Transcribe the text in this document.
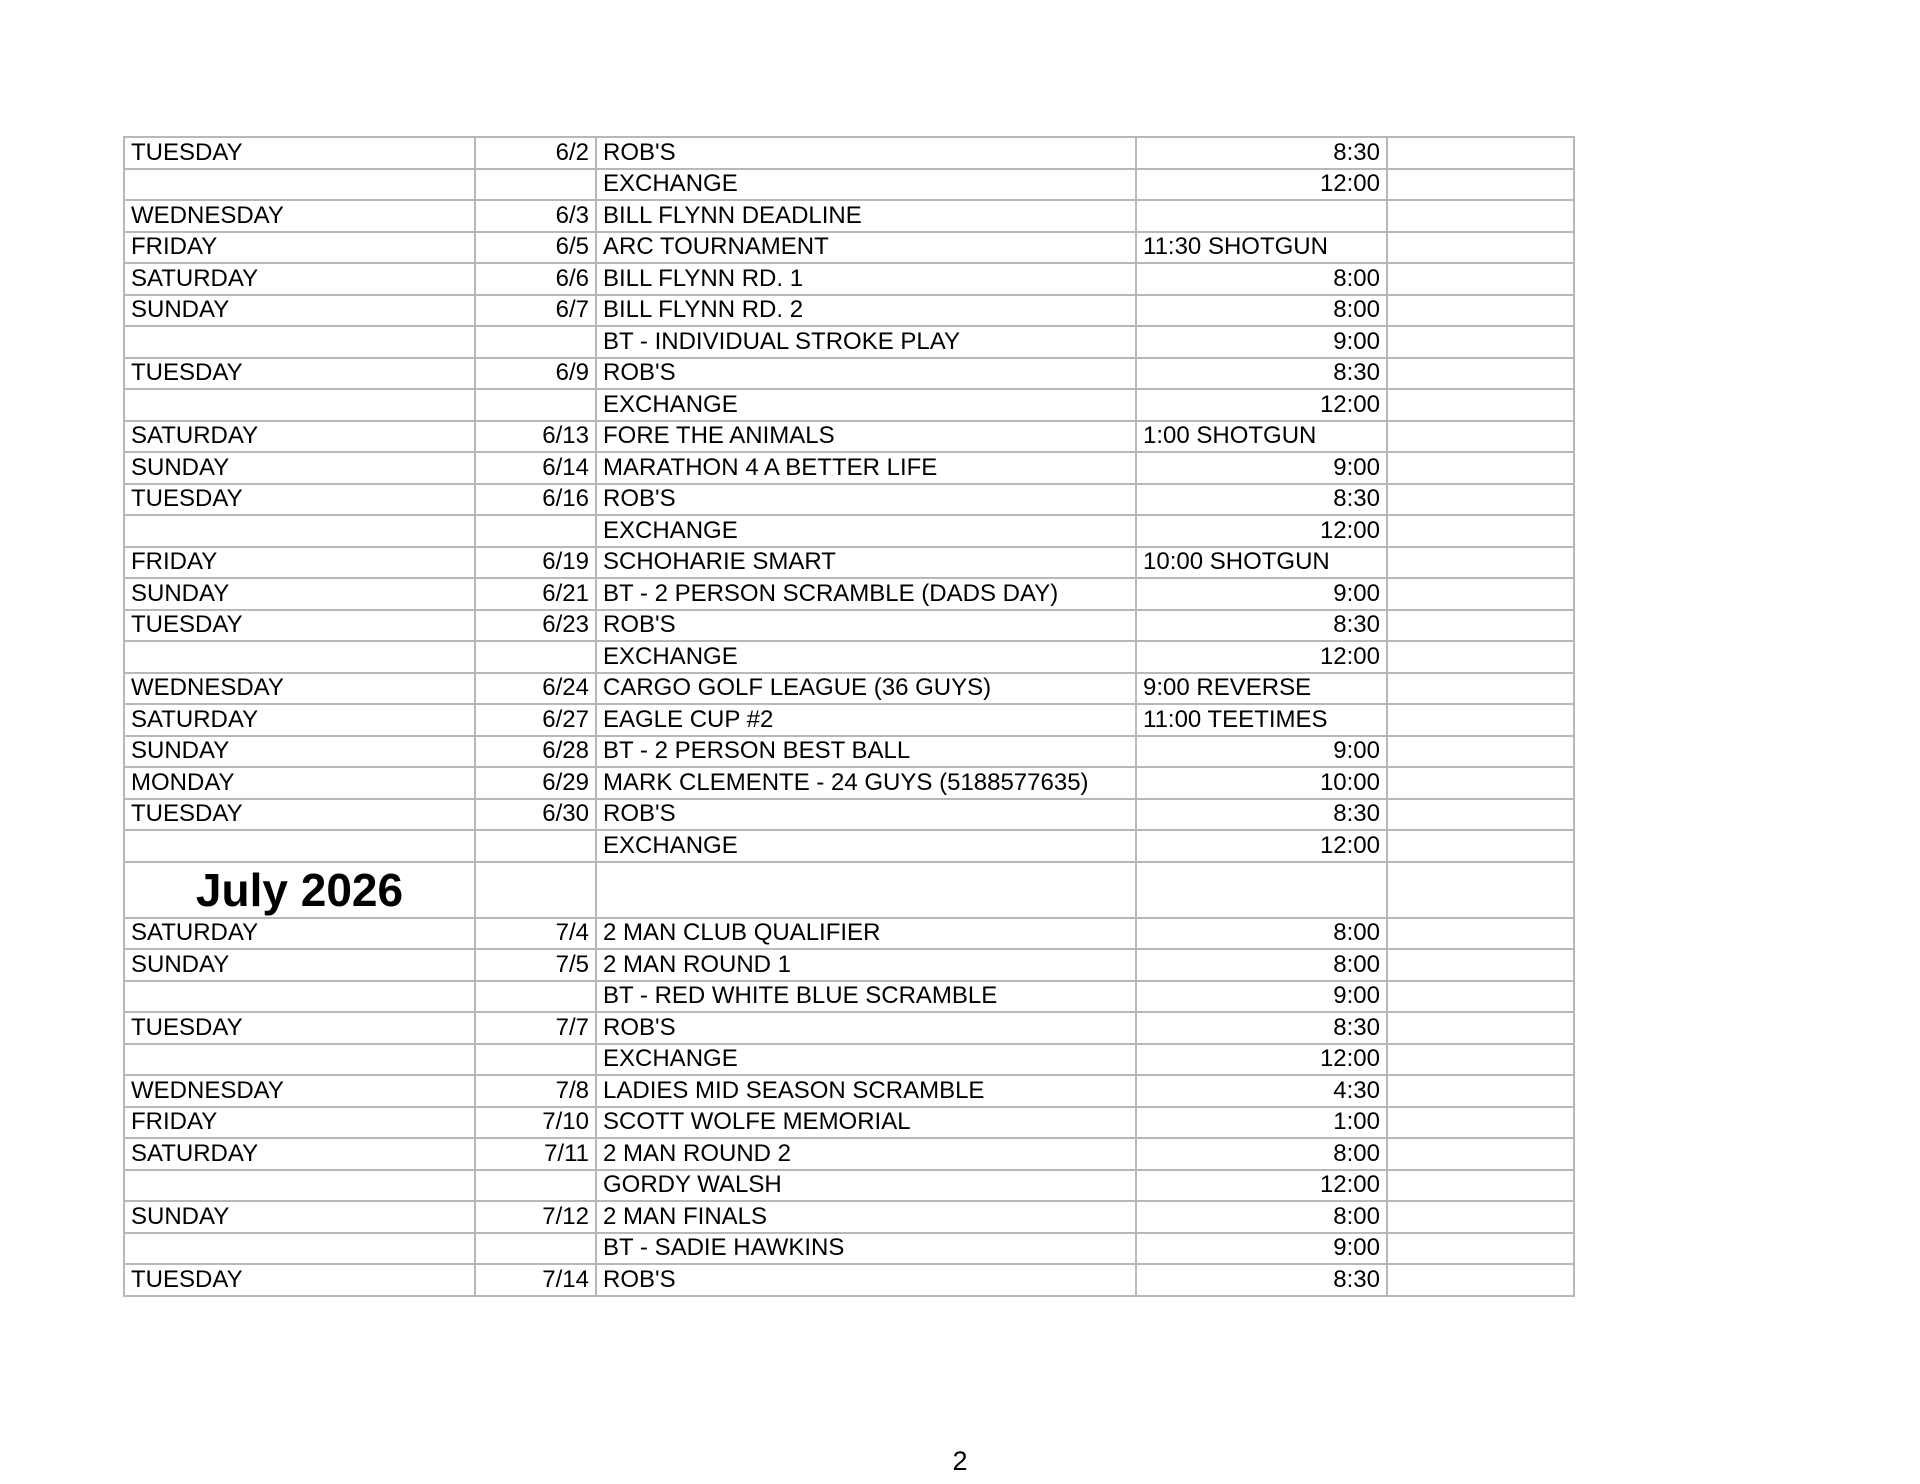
TUESDAY	6/2	ROB'S	8:30	
		EXCHANGE	12:00	
WEDNESDAY	6/3	BILL FLYNN DEADLINE		
FRIDAY	6/5	ARC TOURNAMENT	11:30 SHOTGUN	
SATURDAY	6/6	BILL FLYNN RD. 1	8:00	
SUNDAY	6/7	BILL FLYNN RD. 2	8:00	
		BT - INDIVIDUAL STROKE PLAY	9:00	
TUESDAY	6/9	ROB'S	8:30	
		EXCHANGE	12:00	
SATURDAY	6/13	FORE THE ANIMALS	1:00 SHOTGUN	
SUNDAY	6/14	MARATHON 4 A BETTER LIFE	9:00	
TUESDAY	6/16	ROB'S	8:30	
		EXCHANGE	12:00	
FRIDAY	6/19	SCHOHARIE SMART	10:00 SHOTGUN	
SUNDAY	6/21	BT - 2 PERSON SCRAMBLE (DADS DAY)	9:00	
TUESDAY	6/23	ROB'S	8:30	
		EXCHANGE	12:00	
WEDNESDAY	6/24	CARGO GOLF LEAGUE (36 GUYS)	9:00 REVERSE	
SATURDAY	6/27	EAGLE CUP #2	11:00 TEETIMES	
SUNDAY	6/28	BT - 2 PERSON BEST BALL	9:00	
MONDAY	6/29	MARK CLEMENTE - 24 GUYS (5188577635)	10:00	
TUESDAY	6/30	ROB'S	8:30	
		EXCHANGE	12:00	
July 2026				
SATURDAY	7/4	2 MAN CLUB QUALIFIER	8:00	
SUNDAY	7/5	2 MAN ROUND 1	8:00	
		BT - RED WHITE BLUE SCRAMBLE	9:00	
TUESDAY	7/7	ROB'S	8:30	
		EXCHANGE	12:00	
WEDNESDAY	7/8	LADIES MID SEASON SCRAMBLE	4:30	
FRIDAY	7/10	SCOTT WOLFE MEMORIAL	1:00	
SATURDAY	7/11	2 MAN ROUND 2	8:00	
		GORDY WALSH	12:00	
SUNDAY	7/12	2 MAN FINALS	8:00	
		BT - SADIE HAWKINS	9:00	
TUESDAY	7/14	ROB'S	8:30	
2
